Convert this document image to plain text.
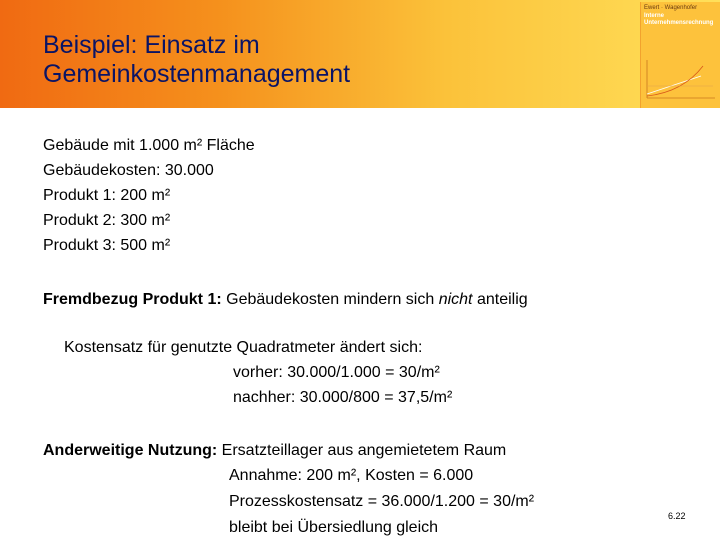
Beispiel: Einsatz im
Gemeinkostenmanagement
Ewert · Wagenhofer
Interne
Unternehmensrechnung
Gebäude mit 1.000 m² Fläche
Gebäudekosten: 30.000
Produkt 1: 200 m²
Produkt 2: 300 m²
Produkt 3: 500 m²
Fremdbezug Produkt 1: Gebäudekosten mindern sich nicht anteilig
Kostensatz für genutzte Quadratmeter ändert sich:
vorher: 30.000/1.000 = 30/m²
nachher: 30.000/800 = 37,5/m²
Anderweitige Nutzung: Ersatzteillager aus angemietetem Raum
Annahme: 200 m², Kosten = 6.000
Prozesskostensatz = 36.000/1.200 = 30/m²
bleibt bei Übersiedlung gleich
6.22
